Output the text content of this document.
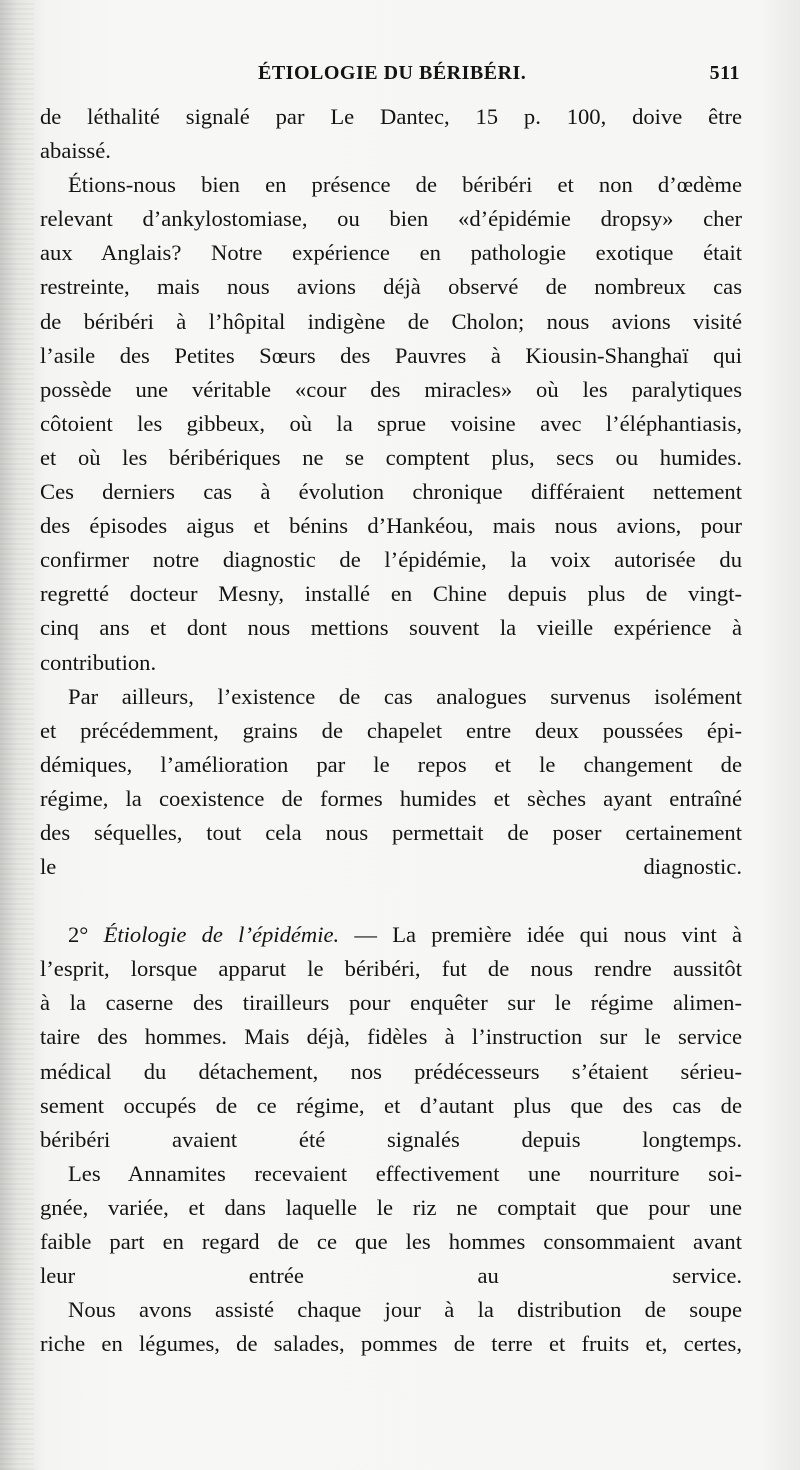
ÉTIOLOGIE DU BÉRIBÉRI.	511

de léthalité signalé par Le Dantec, 15 p. 100, doive être
abaissé.

Étions-nous bien en présence de béribéri et non d’œdème
relevant d’ankylostomiase, ou bien «d’épidémie dropsy» cher
aux Anglais? Notre expérience en pathologie exotique était
restreinte, mais nous avions déjà observé de nombreux cas
de béribéri à l’hôpital indigène de Cholon; nous avions visité
l’asile des Petites Sœurs des Pauvres à Kiousin-Shanghaï qui
possède une véritable «cour des miracles» où les paralytiques
côtoient les gibbeux, où la sprue voisine avec l’éléphantiasis,
et où les béribériques ne se comptent plus, secs ou humides.
Ces derniers cas à évolution chronique différaient nettement
des épisodes aigus et bénins d’Hankéou, mais nous avions, pour
confirmer notre diagnostic de l’épidémie, la voix autorisée du
regretté docteur Mesny, installé en Chine depuis plus de vingt-
cinq ans et dont nous mettions souvent la vieille expérience à
contribution.

Par ailleurs, l’existence de cas analogues survenus isolément
et précédemment, grains de chapelet entre deux poussées épi-
démiques, l’amélioration par le repos et le changement de
régime, la coexistence de formes humides et sèches ayant entraîné
des séquelles, tout cela nous permettait de poser certainement
le diagnostic.

2° Étiologie de l’épidémie. — La première idée qui nous vint à
l’esprit, lorsque apparut le béribéri, fut de nous rendre aussitôt
à la caserne des tirailleurs pour enquêter sur le régime alimen-
taire des hommes. Mais déjà, fidèles à l’instruction sur le service
médical du détachement, nos prédécesseurs s’étaient sérieu-
sement occupés de ce régime, et d’autant plus que des cas de
béribéri avaient été signalés depuis longtemps.

Les Annamites recevaient effectivement une nourriture soi-
gnée, variée, et dans laquelle le riz ne comptait que pour une
faible part en regard de ce que les hommes consommaient avant
leur entrée au service.

Nous avons assisté chaque jour à la distribution de soupe
riche en légumes, de salades, pommes de terre et fruits et, certes,
